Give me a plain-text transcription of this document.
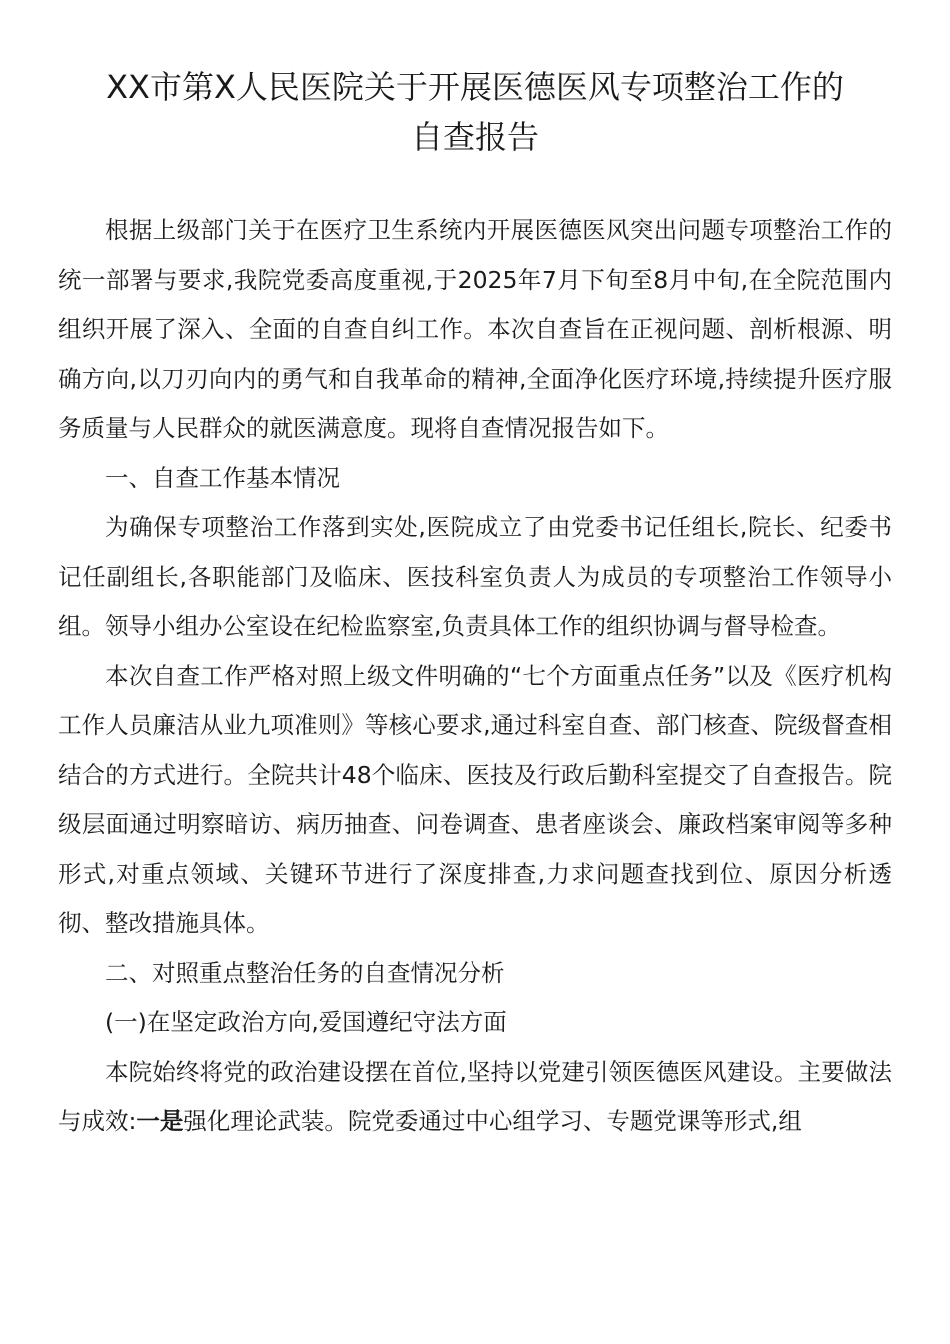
XX市第X人民医院关于开展医德医风专项整治工作的
自查报告

根据上级部门关于在医疗卫生系统内开展医德医风突出问题专项整治工作的统一部署与要求,我院党委高度重视,于2025年7月下旬至8月中旬,在全院范围内组织开展了深入、全面的自查自纠工作。本次自查旨在正视问题、剖析根源、明确方向,以刀刃向内的勇气和自我革命的精神,全面净化医疗环境,持续提升医疗服务质量与人民群众的就医满意度。现将自查情况报告如下。

一、自查工作基本情况

为确保专项整治工作落到实处,医院成立了由党委书记任组长,院长、纪委书记任副组长,各职能部门及临床、医技科室负责人为成员的专项整治工作领导小组。领导小组办公室设在纪检监察室,负责具体工作的组织协调与督导检查。

本次自查工作严格对照上级文件明确的“七个方面重点任务”以及《医疗机构工作人员廉洁从业九项准则》等核心要求,通过科室自查、部门核查、院级督查相结合的方式进行。全院共计48个临床、医技及行政后勤科室提交了自查报告。院级层面通过明察暗访、病历抽查、问卷调查、患者座谈会、廉政档案审阅等多种形式,对重点领域、关键环节进行了深度排查,力求问题查找到位、原因分析透彻、整改措施具体。

二、对照重点整治任务的自查情况分析

(一)在坚定政治方向,爱国遵纪守法方面

本院始终将党的政治建设摆在首位,坚持以党建引领医德医风建设。主要做法与成效:一是强化理论武装。院党委通过中心组学习、专题党课等形式,组
